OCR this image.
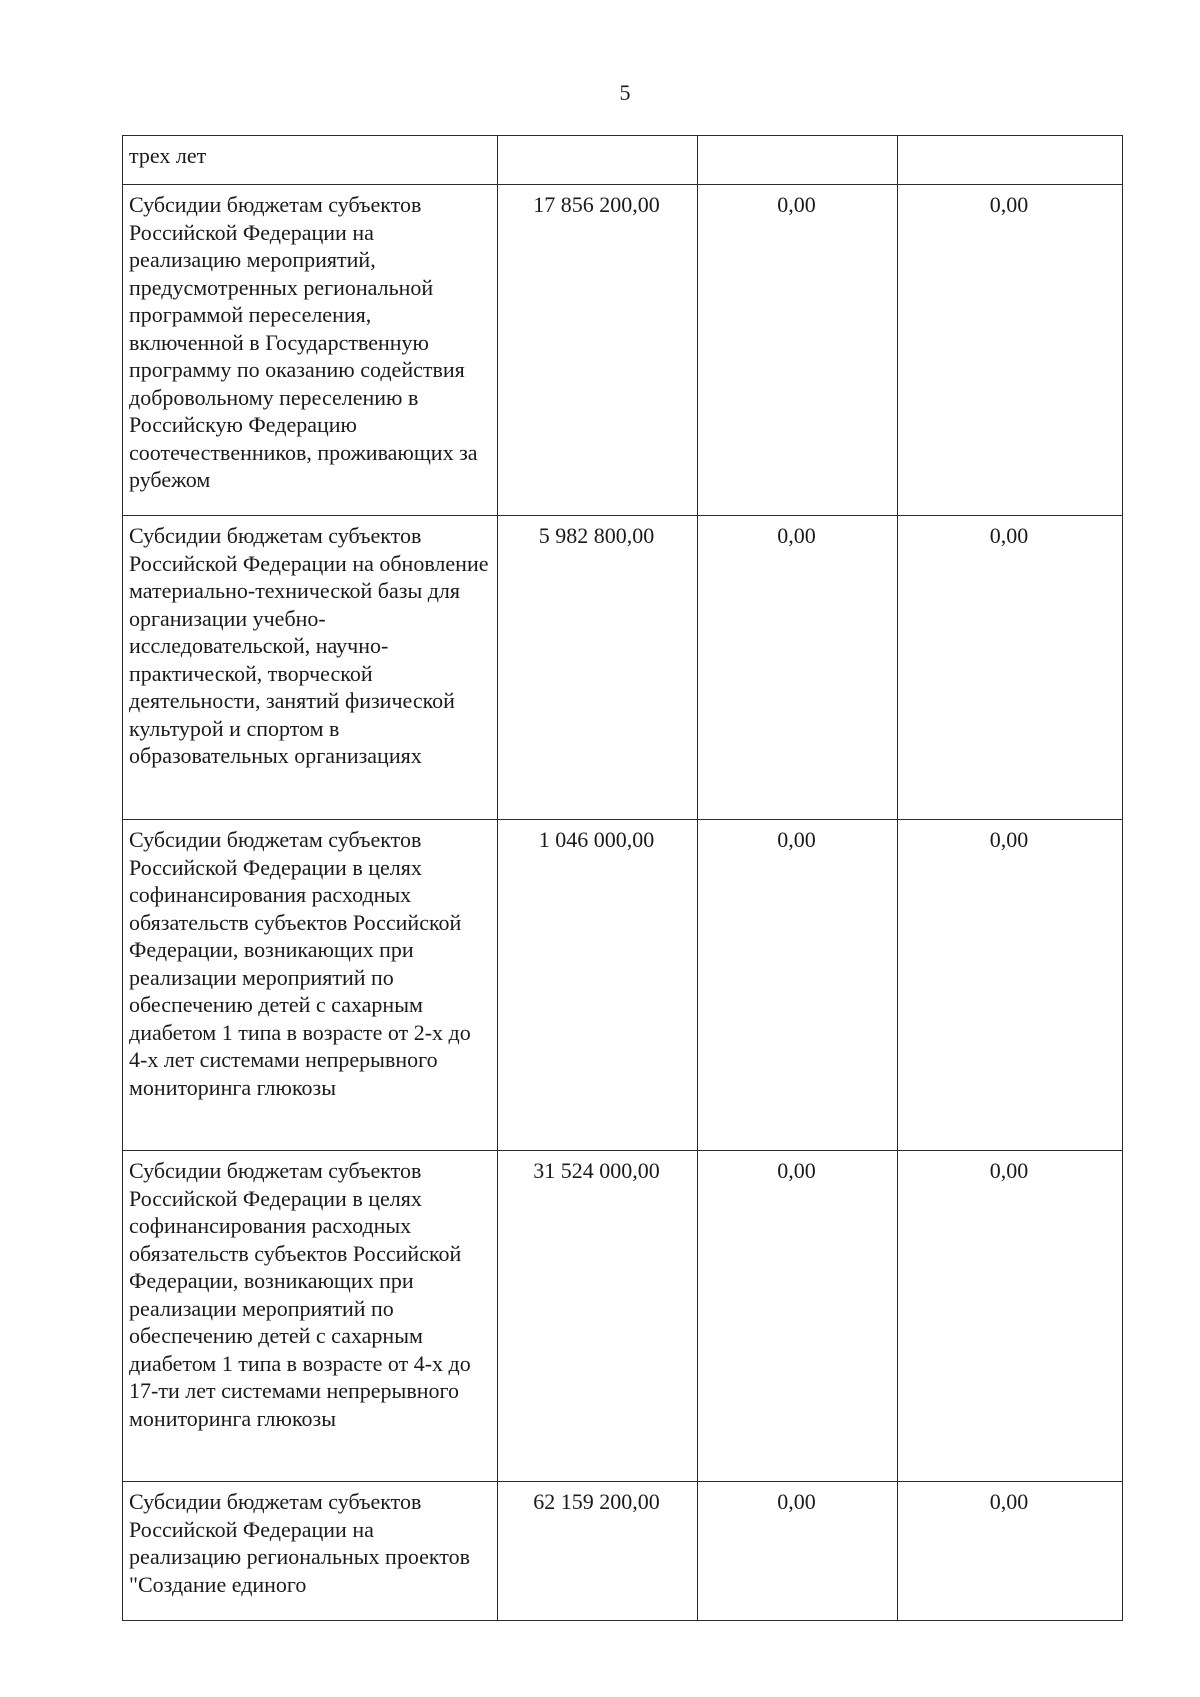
5
трех лет			
Субсидии бюджетам субъектов Российской Федерации на реализацию мероприятий, предусмотренных региональной программой переселения, включенной в Государственную программу по оказанию содействия добровольному переселению в Российскую Федерацию соотечественников, проживающих за рубежом	17 856 200,00	0,00	0,00
Субсидии бюджетам субъектов Российской Федерации на обновление материально-технической базы для организации учебно-исследовательской, научно-практической, творческой деятельности, занятий физической культурой и спортом в образовательных организациях	5 982 800,00	0,00	0,00
Субсидии бюджетам субъектов Российской Федерации в целях софинансирования расходных обязательств субъектов Российской Федерации, возникающих при реализации мероприятий по обеспечению детей с сахарным диабетом 1 типа в возрасте от 2-х до 4-х лет системами непрерывного мониторинга глюкозы	1 046 000,00	0,00	0,00
Субсидии бюджетам субъектов Российской Федерации в целях софинансирования расходных обязательств субъектов Российской Федерации, возникающих при реализации мероприятий по обеспечению детей с сахарным диабетом 1 типа в возрасте от 4-х до 17-ти лет системами непрерывного мониторинга глюкозы	31 524 000,00	0,00	0,00
Субсидии бюджетам субъектов Российской Федерации на реализацию региональных проектов "Создание единого	62 159 200,00	0,00	0,00
